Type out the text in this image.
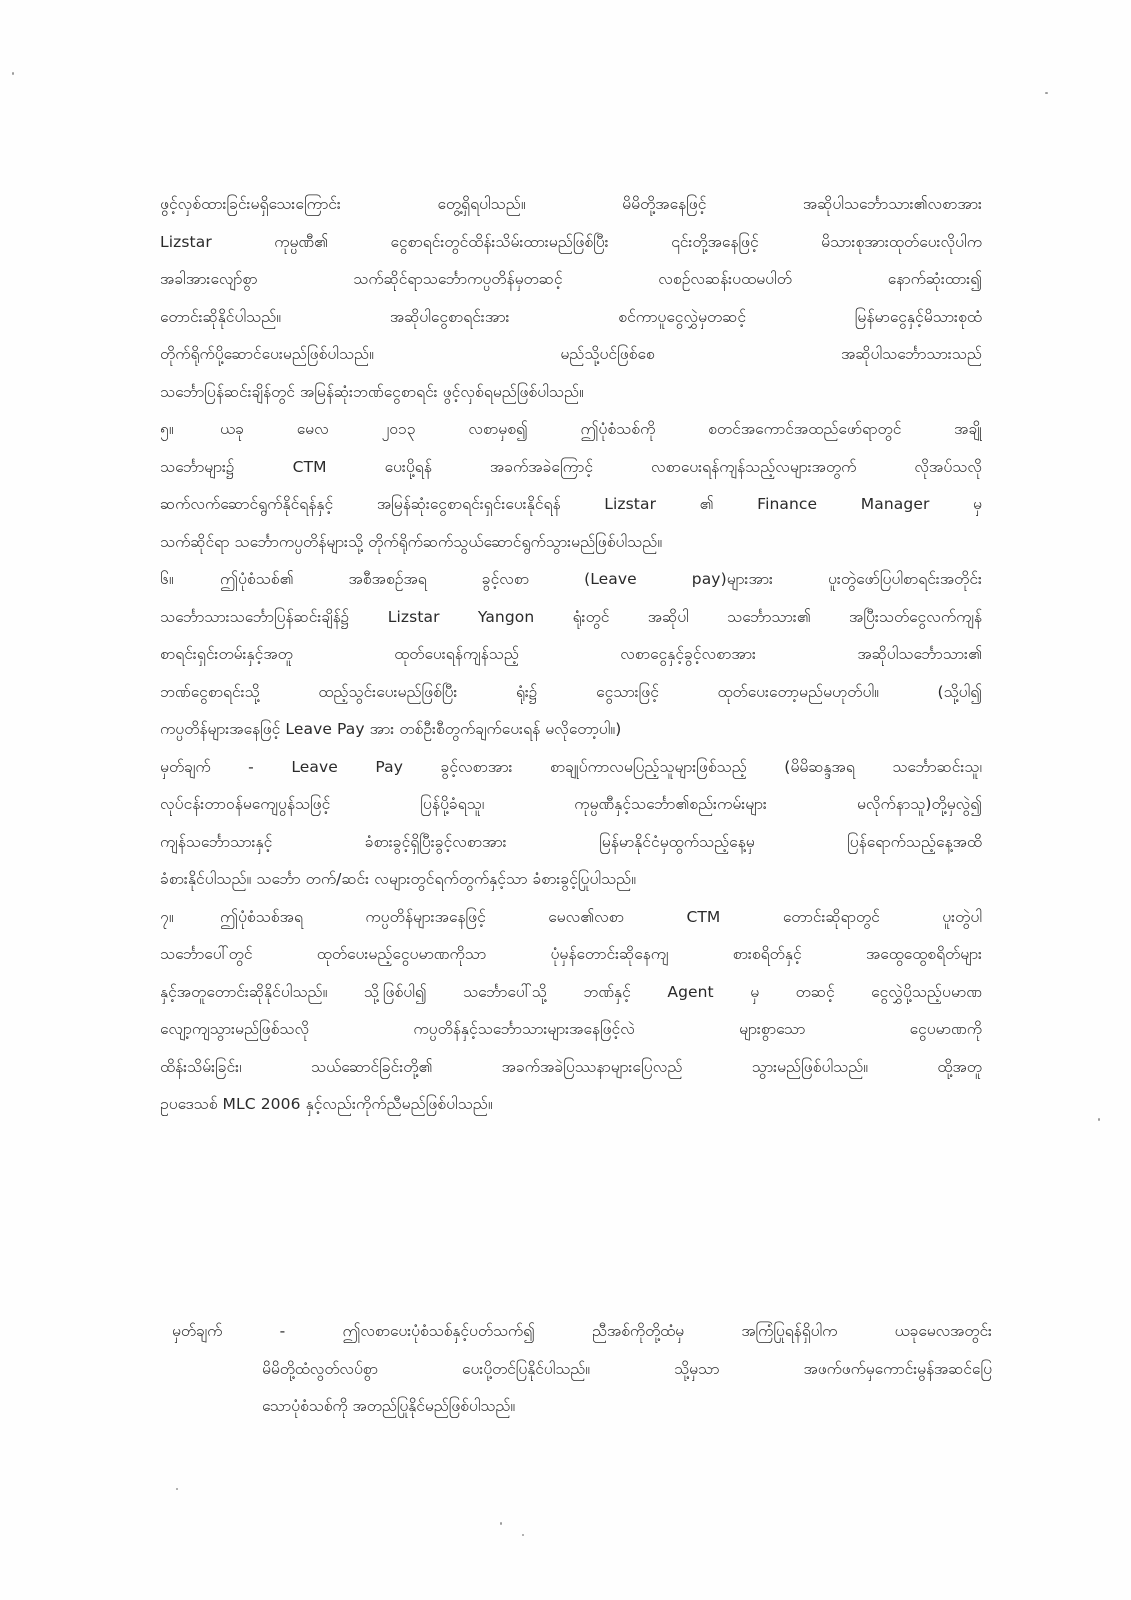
ဖွင့်လှစ်ထားခြင်းမရှိသေးကြောင်း တွေ့ရှိရပါသည်။ မိမိတို့အနေဖြင့် အဆိုပါသင်္ဘောသား၏လစာအား
Lizstar ကုမ္ပဏီ၏ ငွေစာရင်းတွင်ထိန်းသိမ်းထားမည်ဖြစ်ပြီး ၎င်းတို့အနေဖြင့် မိသားစုအားထုတ်ပေးလိုပါက
အခါအားလျော်စွာ သက်ဆိုင်ရာသင်္ဘောကပ္ပတိန်မှတဆင့် လစဉ်လဆန်းပထမပါတ် နောက်ဆုံးထား၍
တောင်းဆိုနိုင်ပါသည်။ အဆိုပါငွေစာရင်းအား စင်ကာပူငွေလွှဲမှတဆင့် မြန်မာငွေနှင့်မိသားစုထံ
တိုက်ရိုက်ပို့ဆောင်ပေးမည်ဖြစ်ပါသည်။ မည်သို့ပင်ဖြစ်စေ အဆိုပါသင်္ဘောသားသည်
သင်္ဘောပြန်ဆင်းချိန်တွင် အမြန်ဆုံးဘဏ်ငွေစာရင်း ဖွင့်လှစ်ရမည်ဖြစ်ပါသည်။
၅။	ယခု မေလ ၂၀၁၃ လစာမှစ၍ ဤပုံစံသစ်ကို စတင်အကောင်အထည်ဖော်ရာတွင် အချို့
သင်္ဘောများ၌ CTM ပေးပို့ရန် အခက်အခဲကြောင့် လစာပေးရန်ကျန်သည့်လများအတွက် လိုအပ်သလို
ဆက်လက်ဆောင်ရွက်နိုင်ရန်နှင့် အမြန်ဆုံးငွေစာရင်းရှင်းပေးနိုင်ရန် Lizstar ၏ Finance Manager မှ
သက်ဆိုင်ရာ သင်္ဘောကပ္ပတိန်များသို့ တိုက်ရိုက်ဆက်သွယ်ဆောင်ရွက်သွားမည်ဖြစ်ပါသည်။
၆။	ဤပုံစံသစ်၏ အစီအစဉ်အရ ခွင့်လစာ (Leave pay)များအား ပူးတွဲဖော်ပြပါစာရင်းအတိုင်း
သင်္ဘောသားသင်္ဘောပြန်ဆင်းချိန်၌ Lizstar Yangon ရုံးတွင် အဆိုပါ သင်္ဘောသား၏ အပြီးသတ်ငွေလက်ကျန်
စာရင်းရှင်းတမ်းနှင့်အတူ ထုတ်ပေးရန်ကျန်သည့် လစာငွေနှင့်ခွင့်လစာအား အဆိုပါသင်္ဘောသား၏
ဘဏ်ငွေစာရင်းသို့ ထည့်သွင်းပေးမည်ဖြစ်ပြီး ရုံး၌ ငွေသားဖြင့် ထုတ်ပေးတော့မည်မဟုတ်ပါ။ (သို့ပါ၍
ကပ္ပတိန်များအနေဖြင့် Leave Pay အား တစ်ဦးစီတွက်ချက်ပေးရန် မလိုတော့ပါ။)
မှတ်ချက် - Leave Pay ခွင့်လစာအား စာချုပ်ကာလမပြည့်သူများဖြစ်သည့် (မိမိဆန္ဒအရ သင်္ဘောဆင်းသူ၊
လုပ်ငန်းတာဝန်မကျေပွန်သဖြင့် ပြန်ပို့ခံရသူ၊ ကုမ္ပဏီနှင့်သင်္ဘော၏စည်းကမ်းများ မလိုက်နာသူ)တို့မှလွဲ၍
ကျန်သင်္ဘောသားနှင့် ခံစားခွင့်ရှိပြီးခွင့်လစာအား မြန်မာနိုင်ငံမှထွက်သည့်နေ့မှ ပြန်ရောက်သည့်နေ့အထိ
ခံစားနိုင်ပါသည်။ သင်္ဘော တက်/ဆင်း လများတွင်ရက်တွက်နှင့်သာ ခံစားခွင့်ပြုပါသည်။
၇။	ဤပုံစံသစ်အရ ကပ္ပတိန်များအနေဖြင့် မေလ၏လစာ CTM တောင်းဆိုရာတွင် ပူးတွဲပါ
သင်္ဘောပေါ်တွင် ထုတ်ပေးမည့်ငွေပမာဏကိုသာ ပုံမှန်တောင်းဆိုနေကျ စားစရိတ်နှင့် အထွေထွေစရိတ်များ
နှင့်အတူတောင်းဆိုနိုင်ပါသည်။ သို့ဖြစ်ပါ၍ သင်္ဘောပေါ်သို့ ဘဏ်နှင့် Agent မှ တဆင့် ငွေလွှဲပို့သည့်ပမာဏ
လျော့ကျသွားမည်ဖြစ်သလို ကပ္ပတိန်နှင့်သင်္ဘောသားများအနေဖြင့်လဲ များစွာသော ငွေပမာဏကို
ထိန်းသိမ်းခြင်း၊ သယ်ဆောင်ခြင်းတို့၏ အခက်အခဲပြဿနာများပြေလည် သွားမည်ဖြစ်ပါသည်။ ထို့အတူ
ဥပဒေသစ် MLC 2006 နှင့်လည်းကိုက်ညီမည်ဖြစ်ပါသည်။
မှတ်ချက် - ဤလစာပေးပုံစံသစ်နှင့်ပတ်သက်၍ ညီအစ်ကိုတို့ထံမှ အကြံပြုရန်ရှိပါက ယခုမေလအတွင်း
မိမိတို့ထံလွတ်လပ်စွာ ပေးပို့တင်ပြနိုင်ပါသည်။ သို့မှသာ အဖက်ဖက်မှကောင်းမွန်အဆင်ပြေ
သောပုံစံသစ်ကို အတည်ပြုနိုင်မည်ဖြစ်ပါသည်။
